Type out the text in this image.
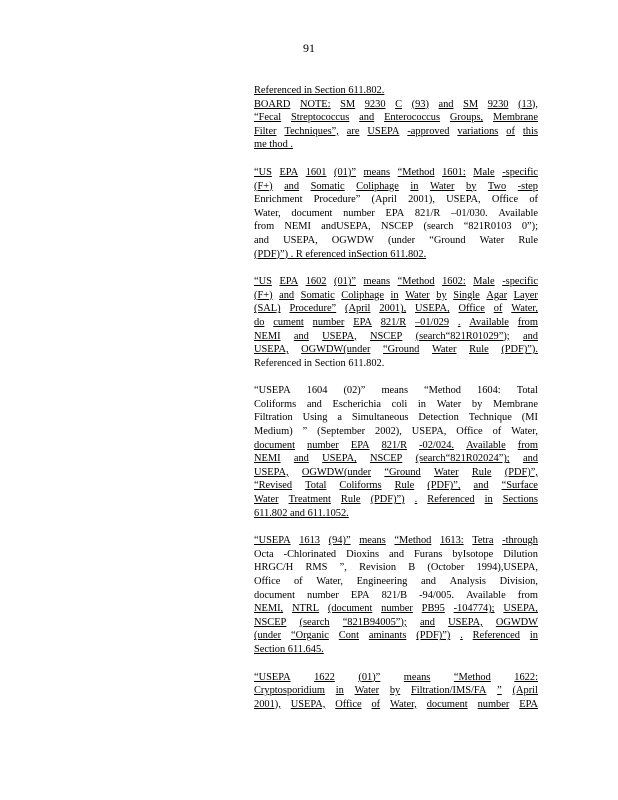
91
Referenced in Section 611.802.
BOARD NOTE: SM 9230 C (93) and SM 9230 (13),
“Fecal Streptococcus and Enterococcus Groups, Membrane
Filter Techniques”, are USEPA -approved variations of this
me thod .
“US EPA 1601 (01)” means “Method 1601: Male -specific
(F+) and Somatic Coliphage in Water by Two -step
Enrichment Procedure” (April 2001), USEPA, Office of
Water, document number EPA 821/R –01/030. Available
from NEMI andUSEPA, NSCEP (search “821R0103 0”);
and USEPA, OGWDW (under “Ground Water Rule
(PDF)”) . R eferenced inSection 611.802.
“US EPA 1602 (01)” means “Method 1602: Male -specific
(F+) and Somatic Coliphage in Water by Single Agar Layer
(SAL) Procedure” (April 2001), USEPA, Office of Water,
do cument number EPA 821/R –01/029 . Available from
NEMI and USEPA, NSCEP (search“821R01029”); and
USEPA, OGWDW(under “Ground Water Rule (PDF)”).
Referenced in Section 611.802.
“USEPA 1604 (02)” means “Method 1604: Total
Coliforms and Escherichia coli in Water by Membrane
Filtration Using a Simultaneous Detection Technique (MI
Medium) ” (September 2002), USEPA, Office of Water,
document number EPA 821/R -02/024. Available from
NEMI and USEPA, NSCEP (search“821R02024”); and
USEPA, OGWDW(under “Ground Water Rule (PDF)”,
“Revised Total Coliforms Rule (PDF)”, and “Surface
Water Treatment Rule (PDF)”) . Referenced in Sections
611.802 and 611.1052.
“USEPA 1613 (94)” means “Method 1613: Tetra -through
Octa -Chlorinated Dioxins and Furans byIsotope Dilution
HRGC/H RMS ”, Revision B (October 1994),USEPA,
Office of Water, Engineering and Analysis Division,
document number EPA 821/B -94/005. Available from
NEMI, NTRL (document number PB95 -104774); USEPA,
NSCEP (search “821B94005”); and USEPA, OGWDW
(under “Organic Cont aminants (PDF)”) . Referenced in
Section 611.645.
“USEPA 1622 (01)” means “Method 1622:
Cryptosporidium in Water by Filtration/IMS/FA ” (April
2001), USEPA, Office of Water, document number EPA
